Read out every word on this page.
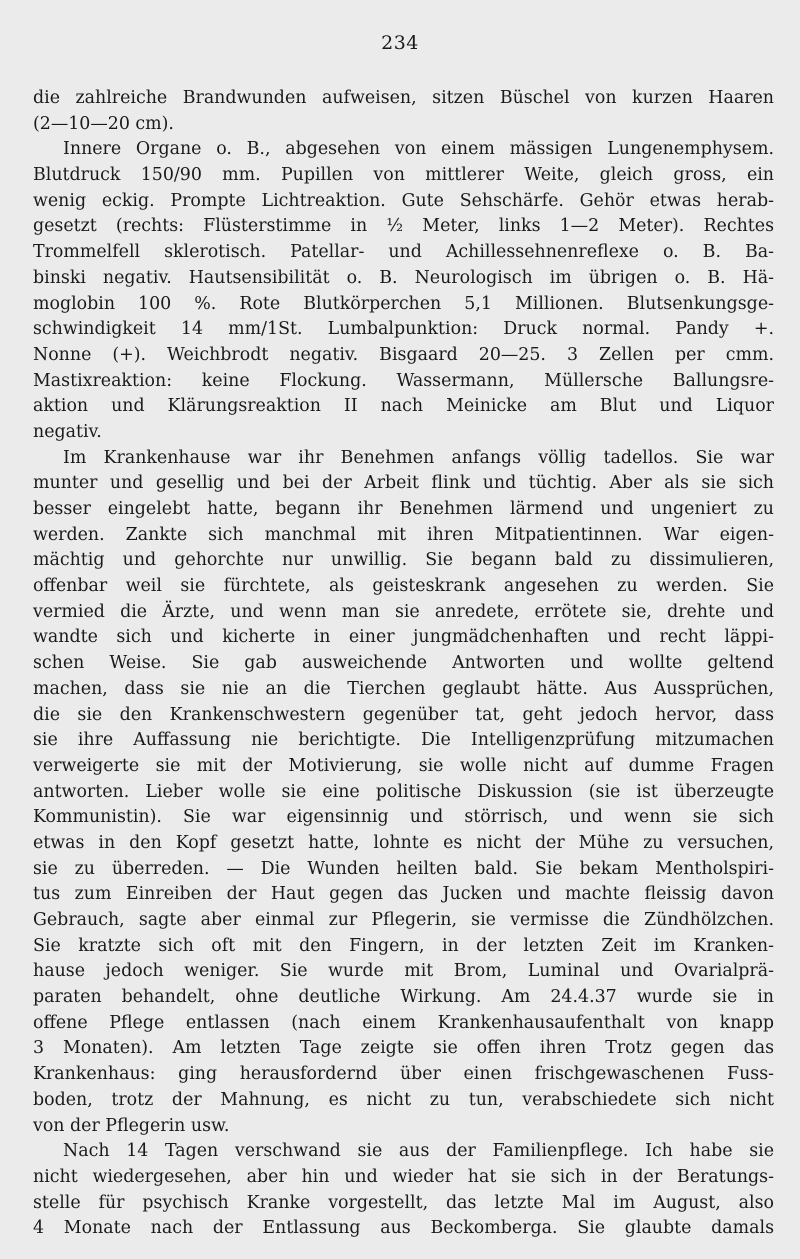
234
die zahlreiche Brandwunden aufweisen, sitzen Büschel von kurzen Haaren
(2—10—20 cm).
Innere Organe o. B., abgesehen von einem mässigen Lungenemphysem.
Blutdruck 150/90 mm. Pupillen von mittlerer Weite, gleich gross, ein
wenig eckig. Prompte Lichtreaktion. Gute Sehschärfe. Gehör etwas herab-
gesetzt (rechts: Flüsterstimme in ½ Meter, links 1—2 Meter). Rechtes
Trommelfell sklerotisch. Patellar- und Achillessehnenreflexe o. B. Ba-
binski negativ. Hautsensibilität o. B. Neurologisch im übrigen o. B. Hä-
moglobin 100 %. Rote Blutkörperchen 5,1 Millionen. Blutsenkungsge-
schwindigkeit 14 mm/1St. Lumbalpunktion: Druck normal. Pandy +.
Nonne (+). Weichbrodt negativ. Bisgaard 20—25. 3 Zellen per cmm.
Mastixreaktion: keine Flockung. Wassermann, Müllersche Ballungsre-
aktion und Klärungsreaktion II nach Meinicke am Blut und Liquor
negativ.
Im Krankenhause war ihr Benehmen anfangs völlig tadellos. Sie war
munter und gesellig und bei der Arbeit flink und tüchtig. Aber als sie sich
besser eingelebt hatte, begann ihr Benehmen lärmend und ungeniert zu
werden. Zankte sich manchmal mit ihren Mitpatientinnen. War eigen-
mächtig und gehorchte nur unwillig. Sie begann bald zu dissimulieren,
offenbar weil sie fürchtete, als geisteskrank angesehen zu werden. Sie
vermied die Ärzte, und wenn man sie anredete, errötete sie, drehte und
wandte sich und kicherte in einer jungmädchenhaften und recht läppi-
schen Weise. Sie gab ausweichende Antworten und wollte geltend
machen, dass sie nie an die Tierchen geglaubt hätte. Aus Aussprüchen,
die sie den Krankenschwestern gegenüber tat, geht jedoch hervor, dass
sie ihre Auffassung nie berichtigte. Die Intelligenzprüfung mitzumachen
verweigerte sie mit der Motivierung, sie wolle nicht auf dumme Fragen
antworten. Lieber wolle sie eine politische Diskussion (sie ist überzeugte
Kommunistin). Sie war eigensinnig und störrisch, und wenn sie sich
etwas in den Kopf gesetzt hatte, lohnte es nicht der Mühe zu versuchen,
sie zu überreden. — Die Wunden heilten bald. Sie bekam Mentholspiri-
tus zum Einreiben der Haut gegen das Jucken und machte fleissig davon
Gebrauch, sagte aber einmal zur Pflegerin, sie vermisse die Zündhölzchen.
Sie kratzte sich oft mit den Fingern, in der letzten Zeit im Kranken-
hause jedoch weniger. Sie wurde mit Brom, Luminal und Ovarialprä-
paraten behandelt, ohne deutliche Wirkung. Am 24.4.37 wurde sie in
offene Pflege entlassen (nach einem Krankenhausaufenthalt von knapp
3 Monaten). Am letzten Tage zeigte sie offen ihren Trotz gegen das
Krankenhaus: ging herausfordernd über einen frischgewaschenen Fuss-
boden, trotz der Mahnung, es nicht zu tun, verabschiedete sich nicht
von der Pflegerin usw.
Nach 14 Tagen verschwand sie aus der Familienpflege. Ich habe sie
nicht wiedergesehen, aber hin und wieder hat sie sich in der Beratungs-
stelle für psychisch Kranke vorgestellt, das letzte Mal im August, also
4 Monate nach der Entlassung aus Beckomberga. Sie glaubte damals
